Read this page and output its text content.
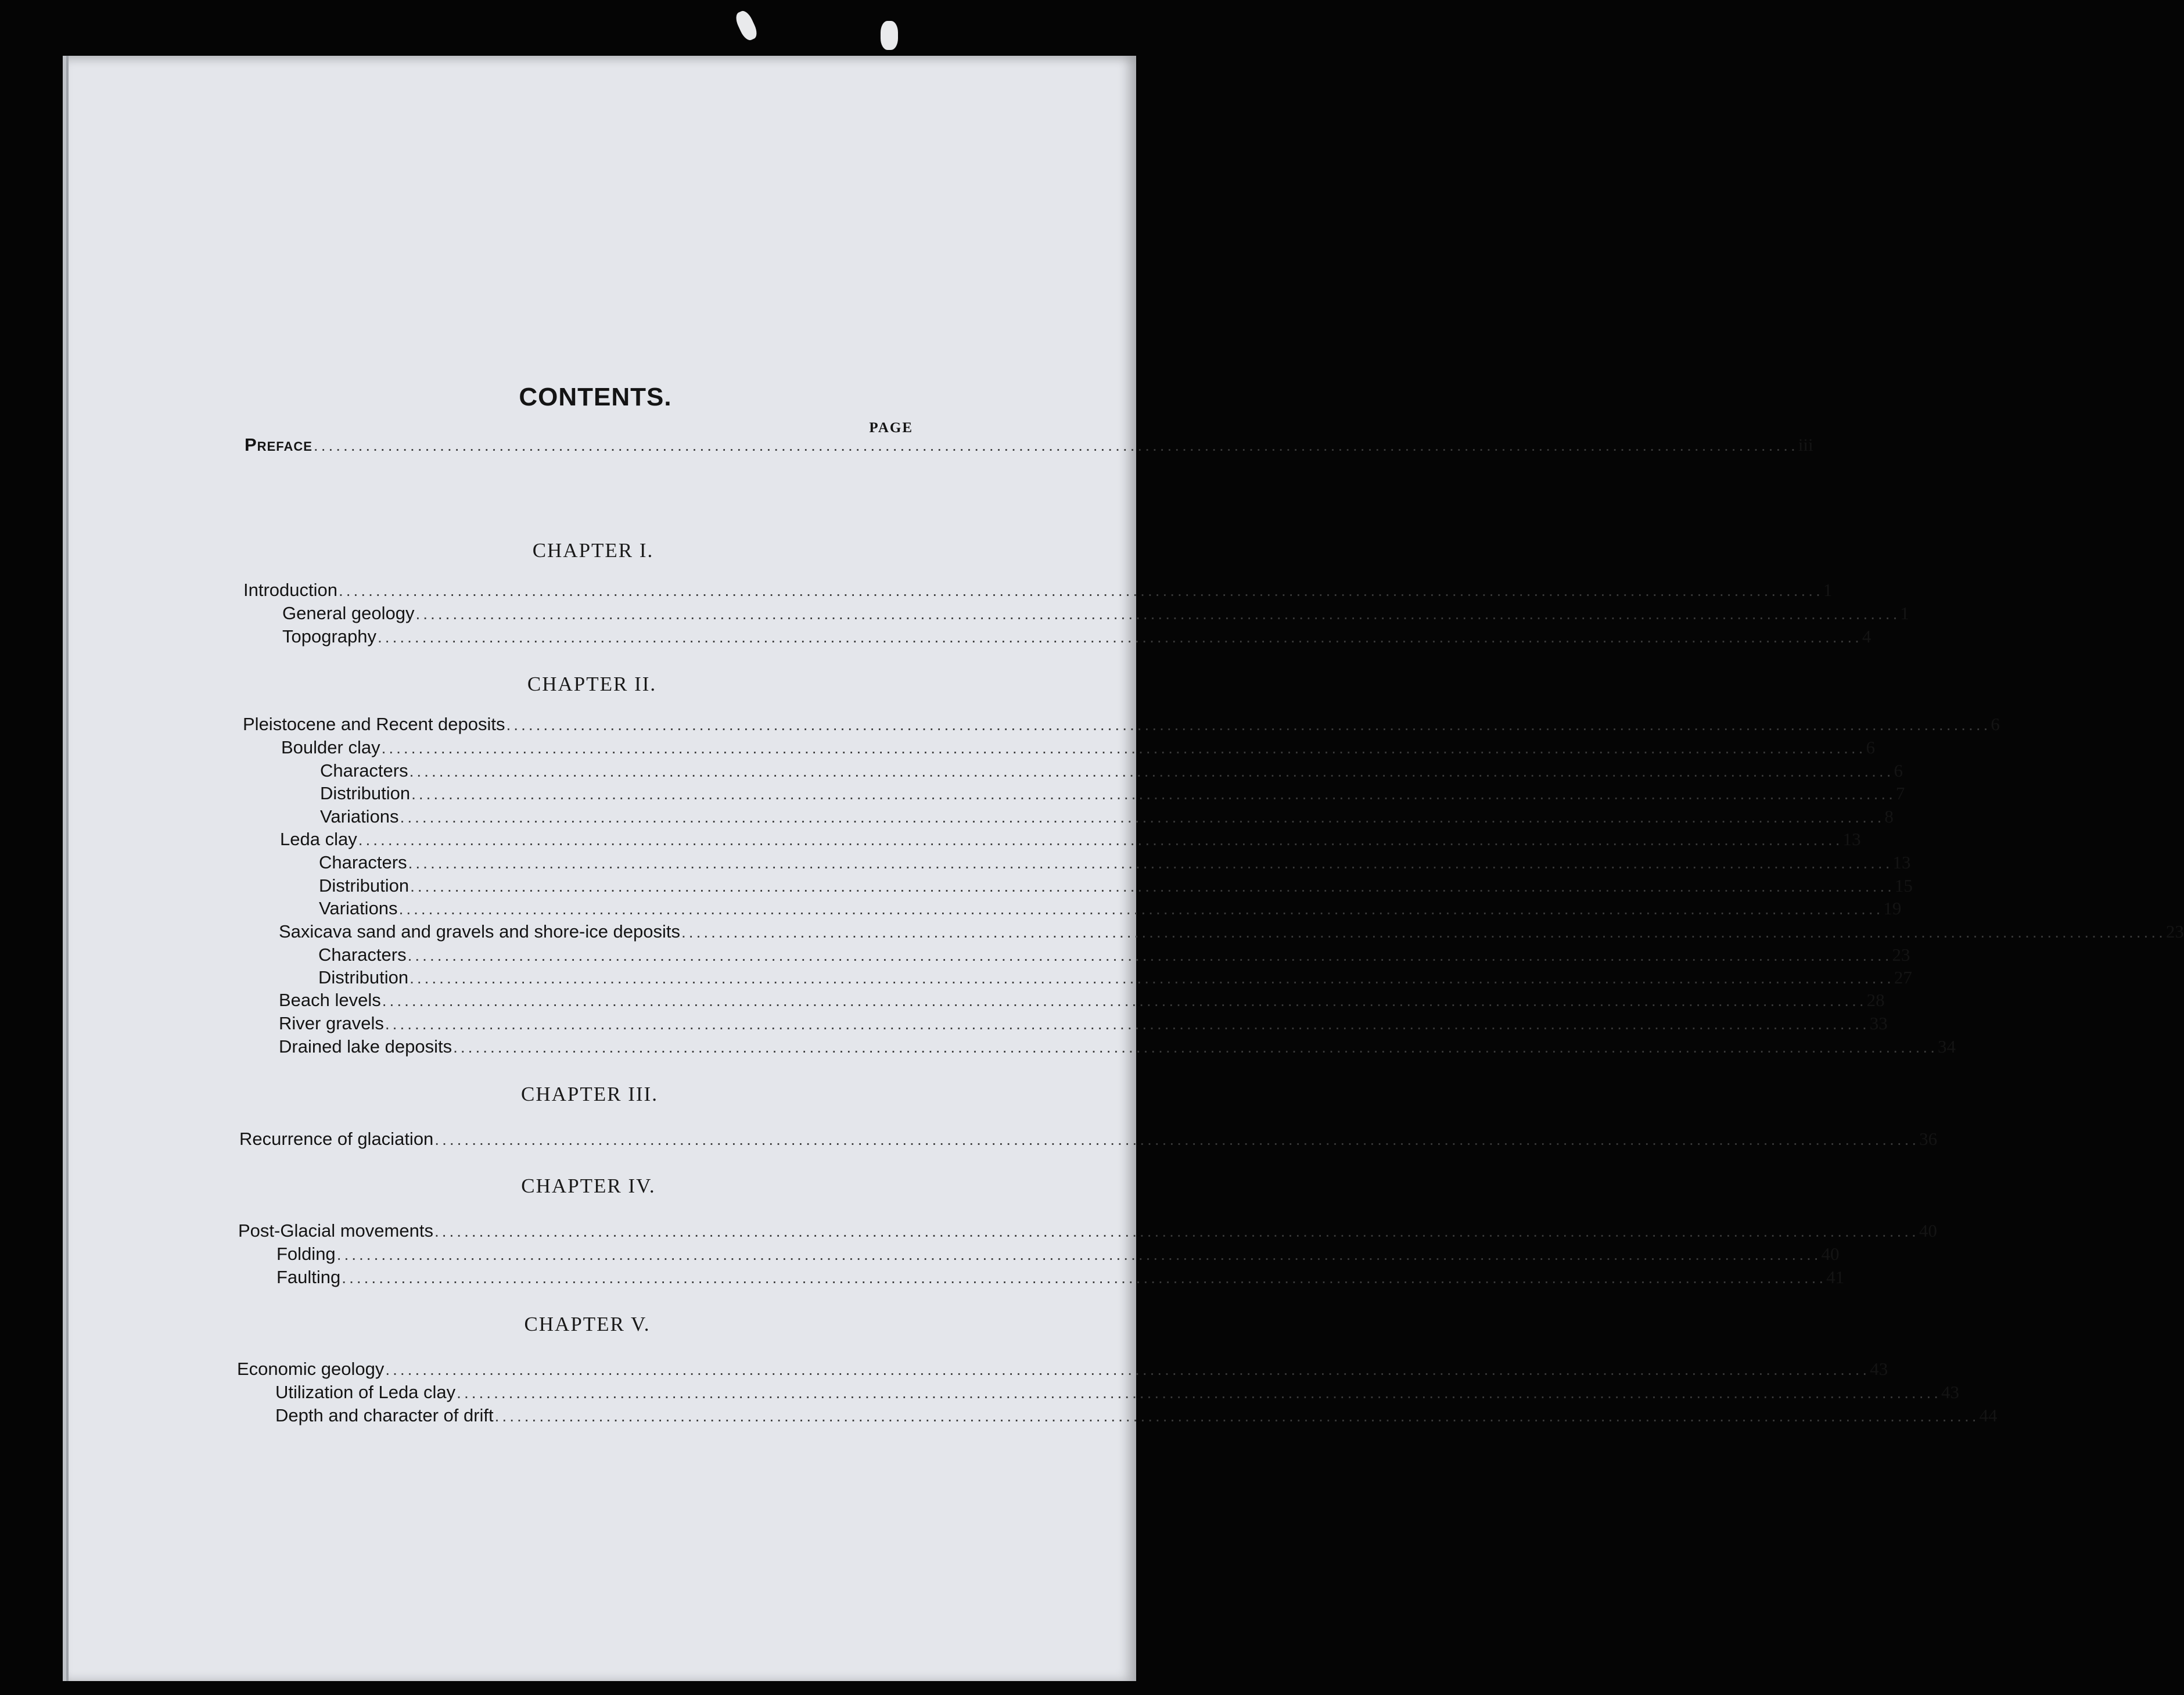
CONTENTS.
PAGE
Preface ........................................................................................................................................................................................................ iii
CHAPTER I.
Introduction ........................................................................................................................................................................................................ 1
General geology ........................................................................................................................................................................................................ 1
Topography ........................................................................................................................................................................................................ 4
CHAPTER II.
Pleistocene and Recent deposits ........................................................................................................................................................................................................ 6
Boulder clay ........................................................................................................................................................................................................ 6
Characters ........................................................................................................................................................................................................ 6
Distribution ........................................................................................................................................................................................................ 7
Variations ........................................................................................................................................................................................................ 8
Leda clay ........................................................................................................................................................................................................ 13
Characters ........................................................................................................................................................................................................ 13
Distribution ........................................................................................................................................................................................................ 15
Variations ........................................................................................................................................................................................................ 19
Saxicava sand and gravels and shore-ice deposits ........................................................................................................................................................................................................ 23
Characters ........................................................................................................................................................................................................ 23
Distribution ........................................................................................................................................................................................................ 27
Beach levels ........................................................................................................................................................................................................ 28
River gravels ........................................................................................................................................................................................................ 33
Drained lake deposits ........................................................................................................................................................................................................ 34
CHAPTER III.
Recurrence of glaciation ........................................................................................................................................................................................................ 36
CHAPTER IV.
Post-Glacial movements ........................................................................................................................................................................................................ 40
Folding ........................................................................................................................................................................................................ 40
Faulting ........................................................................................................................................................................................................ 41
CHAPTER V.
Economic geology ........................................................................................................................................................................................................ 43
Utilization of Leda clay ........................................................................................................................................................................................................ 43
Depth and character of drift ........................................................................................................................................................................................................ 44
